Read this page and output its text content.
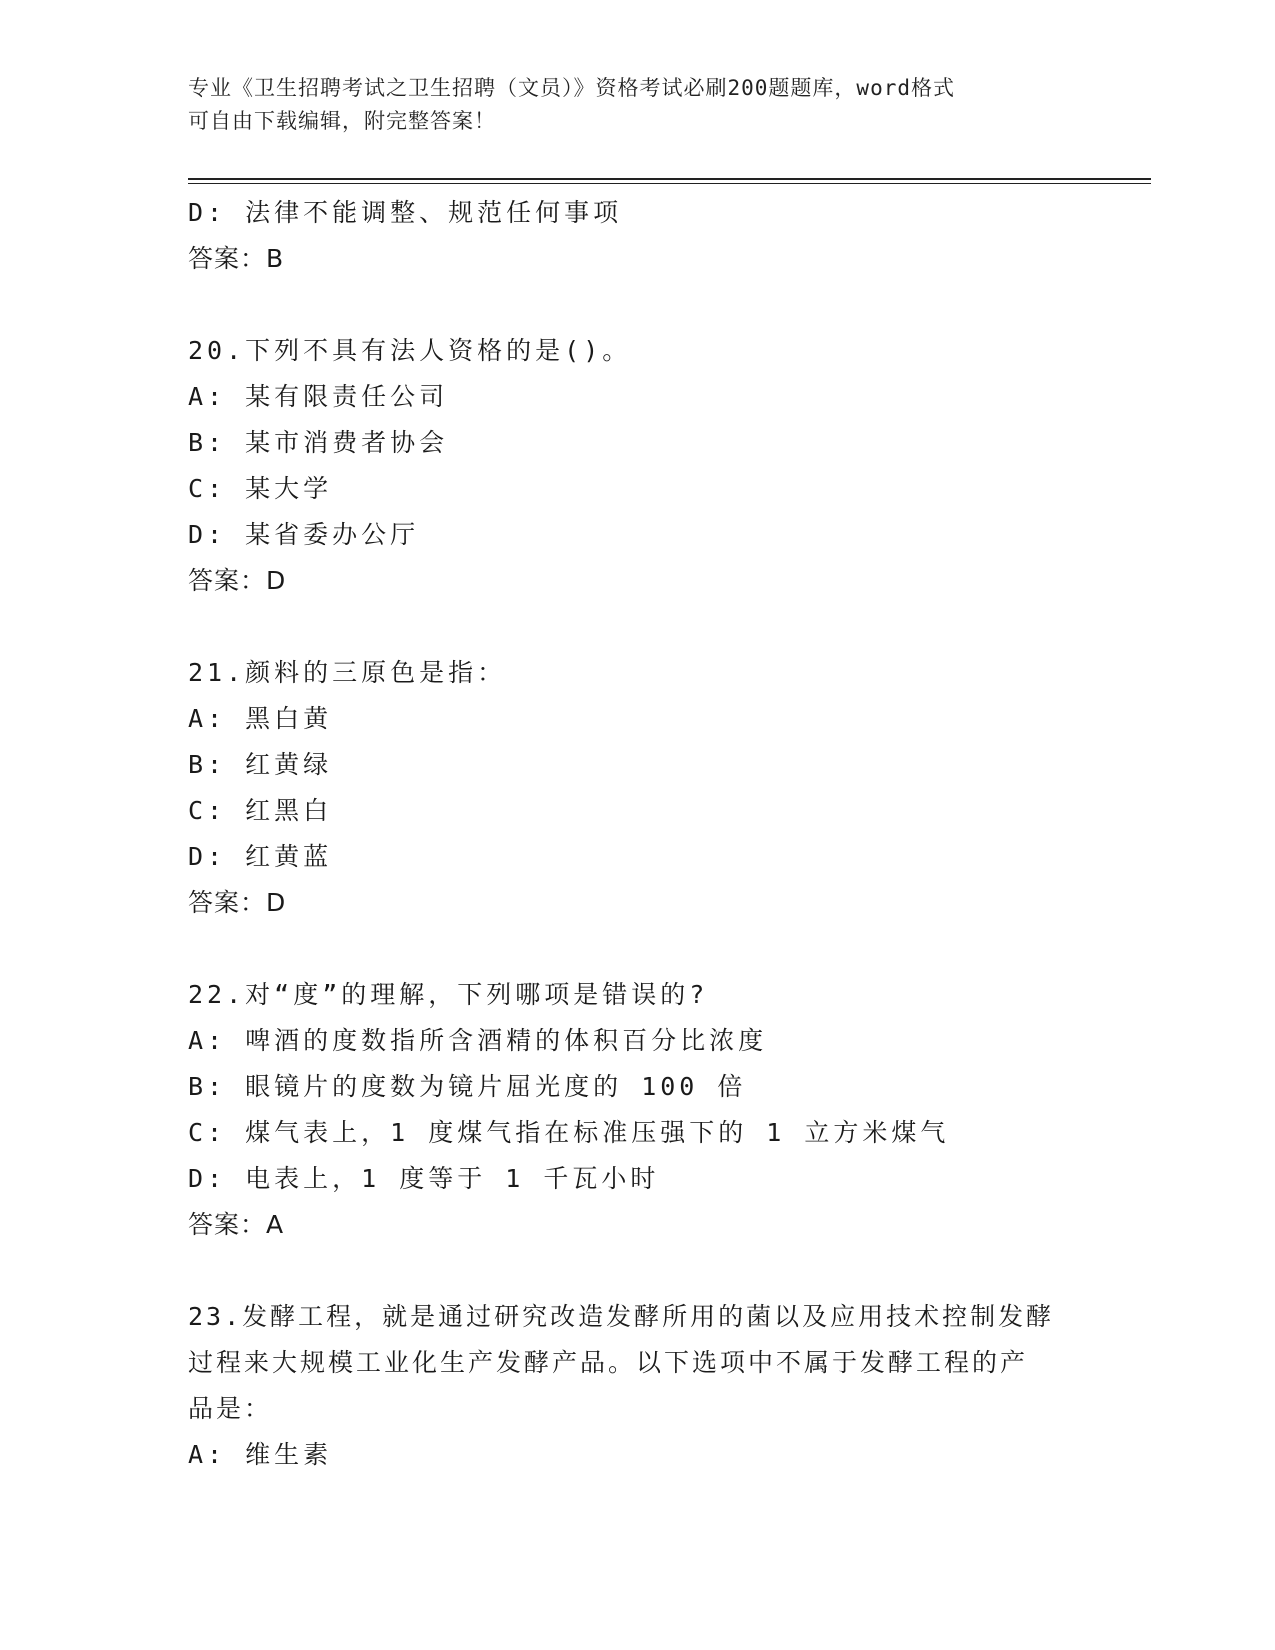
专业《卫生招聘考试之卫生招聘（文员）》资格考试必刷200题题库，word格式
可自由下载编辑，附完整答案！
D: 法律不能调整、规范任何事项
答案：B
20.下列不具有法人资格的是()。
A: 某有限责任公司
B: 某市消费者协会
C: 某大学
D: 某省委办公厅
答案：D
21.颜料的三原色是指：
A: 黑白黄
B: 红黄绿
C: 红黑白
D: 红黄蓝
答案：D
22.对“度”的理解，下列哪项是错误的?
A: 啤酒的度数指所含酒精的体积百分比浓度
B: 眼镜片的度数为镜片屈光度的 100 倍
C: 煤气表上，1 度煤气指在标准压强下的 1 立方米煤气
D: 电表上，1 度等于 1 千瓦小时
答案：A
23.发酵工程，就是通过研究改造发酵所用的菌以及应用技术控制发酵
过程来大规模工业化生产发酵产品。以下选项中不属于发酵工程的产
品是：
A: 维生素
